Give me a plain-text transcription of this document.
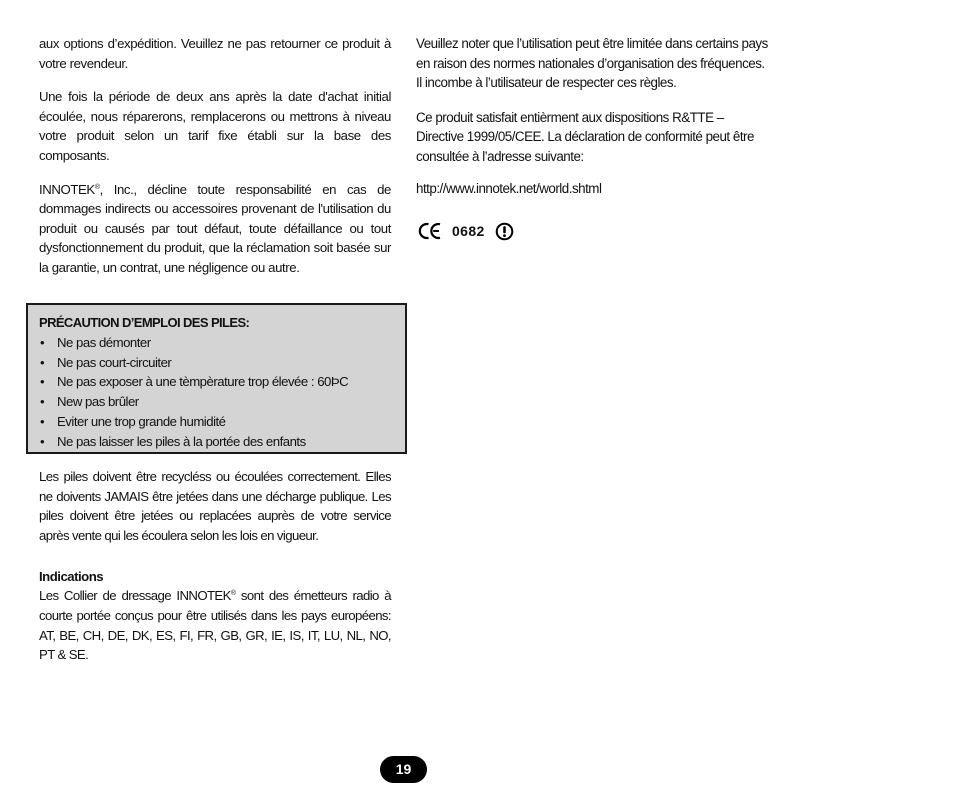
aux options d’expédition. Veuillez ne pas retourner ce produit à votre revendeur.

Une fois la période de deux ans après la date d'achat initial écoulée, nous réparerons, remplacerons ou mettrons à niveau votre produit selon un tarif fixe établi sur la base des composants.

INNOTEK®, Inc., décline toute responsabilité en cas de dommages indirects ou accessoires provenant de l'utilisation du produit ou causés par tout défaut, toute défaillance ou tout dysfonctionnement du produit, que la réclamation soit basée sur la garantie, un contrat, une négligence ou autre.

PRÉCAUTION D’EMPLOI DES PILES:
• Ne pas démonter
• Ne pas court-circuiter
• Ne pas exposer à une tèmpèrature trop élevée : 60ÞC
• New pas brûler
• Eviter une trop grande humidité
• Ne pas laisser les piles à la portée des enfants

Les piles doivent être recycléss ou écoulées correctement. Elles ne doivents JAMAIS être jetées dans une décharge publique. Les piles doivent être jetées ou replacées auprès de votre service après vente qui les écoulera selon les lois en vigueur.

Indications

Les Collier de dressage INNOTEK® sont des émetteurs radio à courte portée conçus pour être utilisés dans les pays européens: AT, BE, CH, DE, DK, ES, FI, FR, GB, GR, IE, IS, IT, LU, NL, NO, PT & SE.

Veuillez noter que l’utilisation peut être limitée dans certains pays en raison des normes nationales d’organisation des fréquences. Il incombe à l’utilisateur de respecter ces règles.

Ce produit satisfait entièrment aux dispositions R&TTE – Directive 1999/05/CEE. La déclaration de conformité peut être consultée à l’adresse suivante:

http://www.innotek.net/world.shtml

0682
19
